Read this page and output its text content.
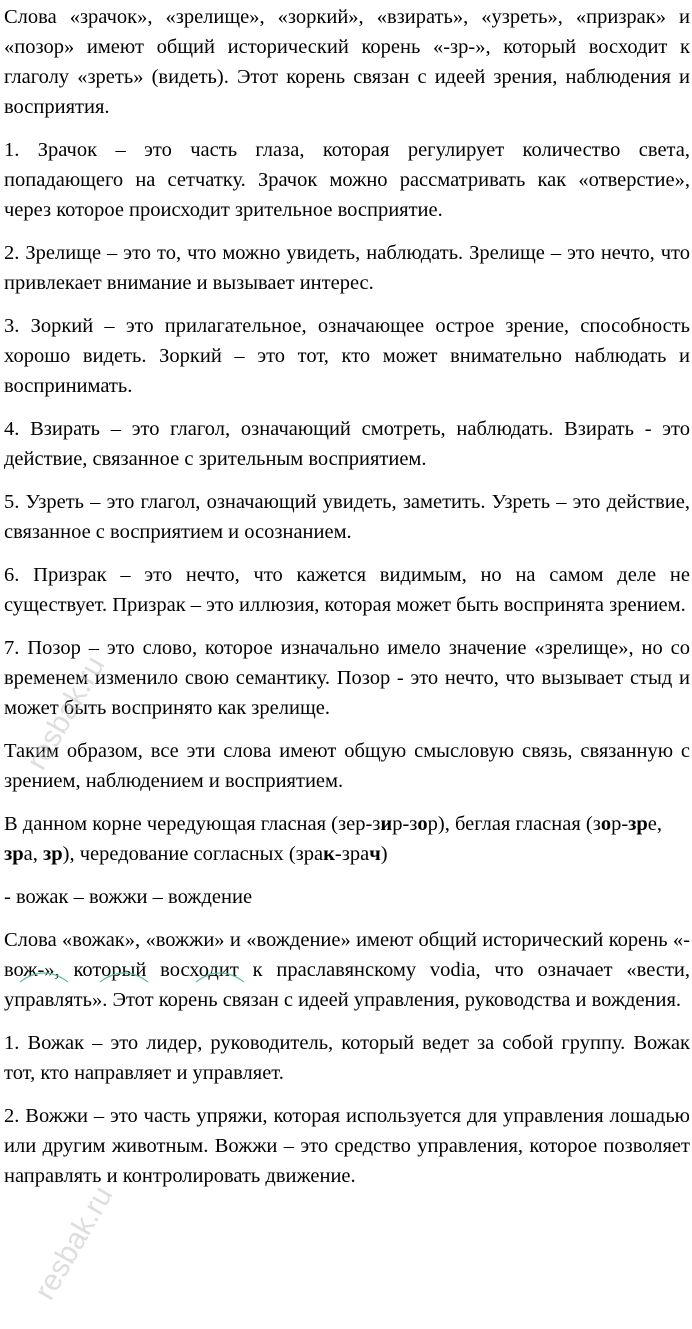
Слова «зрачок», «зрелище», «зоркий», «взирать», «узреть», «призрак» и «позор» имеют общий исторический корень «-зр-», который восходит к глаголу «зреть» (видеть). Этот корень связан с идеей зрения, наблюдения и восприятия.

1. Зрачок – это часть глаза, которая регулирует количество света, попадающего на сетчатку. Зрачок можно рассматривать как «отверстие», через которое происходит зрительное восприятие.

2. Зрелище – это то, что можно увидеть, наблюдать. Зрелище – это нечто, что привлекает внимание и вызывает интерес.

3. Зоркий – это прилагательное, означающее острое зрение, способность хорошо видеть. Зоркий – это тот, кто может внимательно наблюдать и воспринимать.

4. Взирать – это глагол, означающий смотреть, наблюдать. Взирать - это действие, связанное с зрительным восприятием.

5. Узреть – это глагол, означающий увидеть, заметить. Узреть – это действие, связанное с восприятием и осознанием.

6. Призрак – это нечто, что кажется видимым, но на самом деле не существует. Призрак – это иллюзия, которая может быть воспринята зрением.

7. Позор – это слово, которое изначально имело значение «зрелище», но со временем изменило свою семантику. Позор - это нечто, что вызывает стыд и может быть воспринято как зрелище.

Таким образом, все эти слова имеют общую смысловую связь, связанную с зрением, наблюдением и восприятием.

В данном корне чередующая гласная (зер-зир-зор), беглая гласная (зор-зре, зра, зр), чередование согласных (зрак-зрач)

- вожак – вожжи – вождение

Слова «вожак», «вожжи» и «вождение» имеют общий исторический корень «-вож-», который восходит к праславянскому vodia, что означает «вести, управлять». Этот корень связан с идеей управления, руководства и вождения.

1. Вожак – это лидер, руководитель, который ведет за собой группу. Вожак тот, кто направляет и управляет.

2. Вожжи – это часть упряжи, которая используется для управления лошадью или другим животным. Вожжи – это средство управления, которое позволяет направлять и контролировать движение.

resbak.ru
resbak.ru
